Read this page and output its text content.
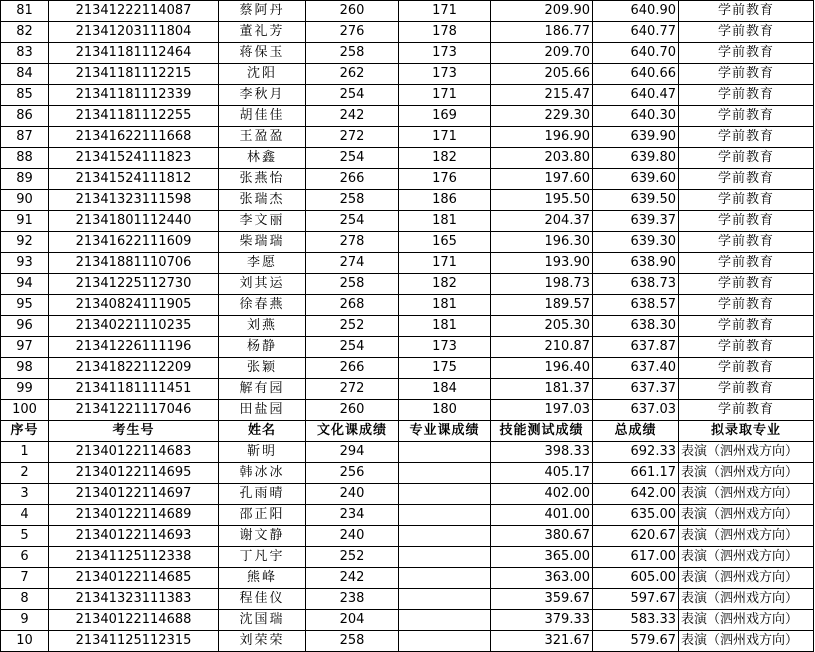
81	21341222114087	蔡阿丹	260	171	209.90	640.90	学前教育
82	21341203111804	董礼芳	276	178	186.77	640.77	学前教育
83	21341181112464	蒋保玉	258	173	209.70	640.70	学前教育
84	21341181112215	沈阳	262	173	205.66	640.66	学前教育
85	21341181112339	李秋月	254	171	215.47	640.47	学前教育
86	21341181112255	胡佳佳	242	169	229.30	640.30	学前教育
87	21341622111668	王盈盈	272	171	196.90	639.90	学前教育
88	21341524111823	林鑫	254	182	203.80	639.80	学前教育
89	21341524111812	张燕怡	266	176	197.60	639.60	学前教育
90	21341323111598	张瑞杰	258	186	195.50	639.50	学前教育
91	21341801112440	李文丽	254	181	204.37	639.37	学前教育
92	21341622111609	柴瑞瑞	278	165	196.30	639.30	学前教育
93	21341881110706	李愿	274	171	193.90	638.90	学前教育
94	21341225112730	刘其运	258	182	198.73	638.73	学前教育
95	21340824111905	徐春燕	268	181	189.57	638.57	学前教育
96	21340221110235	刘燕	252	181	205.30	638.30	学前教育
97	21341226111196	杨静	254	173	210.87	637.87	学前教育
98	21341822112209	张颖	266	175	196.40	637.40	学前教育
99	21341181111451	解有园	272	184	181.37	637.37	学前教育
100	21341221117046	田盐园	260	180	197.03	637.03	学前教育
序号	考生号	姓名	文化课成绩	专业课成绩	技能测试成绩	总成绩	拟录取专业
1	21340122114683	靳明	294		398.33	692.33	表演（泗州戏方向）
2	21340122114695	韩冰冰	256		405.17	661.17	表演（泗州戏方向）
3	21340122114697	孔雨晴	240		402.00	642.00	表演（泗州戏方向）
4	21340122114689	邵正阳	234		401.00	635.00	表演（泗州戏方向）
5	21340122114693	谢文静	240		380.67	620.67	表演（泗州戏方向）
6	21341125112338	丁凡宇	252		365.00	617.00	表演（泗州戏方向）
7	21340122114685	熊峰	242		363.00	605.00	表演（泗州戏方向）
8	21341323111383	程佳仪	238		359.67	597.67	表演（泗州戏方向）
9	21340122114688	沈国瑞	204		379.33	583.33	表演（泗州戏方向）
10	21341125112315	刘荣荣	258		321.67	579.67	表演（泗州戏方向）
